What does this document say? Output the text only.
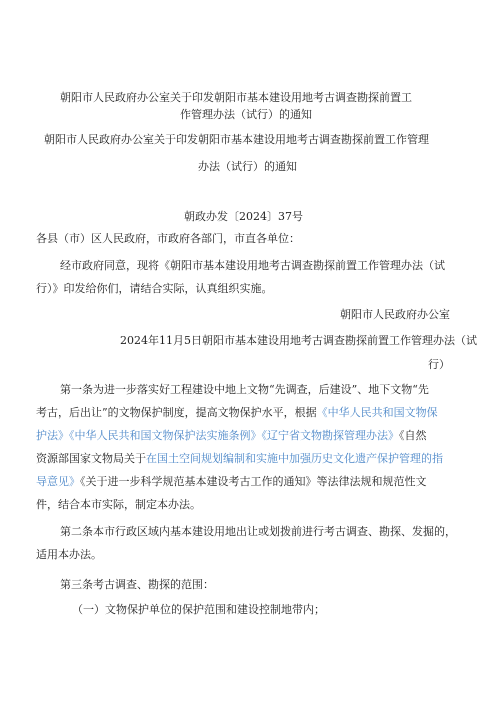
朝阳市人民政府办公室关于印发朝阳市基本建设用地考古调查勘探前置工
作管理办法（试行）的通知
朝阳市人民政府办公室关于印发朝阳市基本建设用地考古调查勘探前置工作管理
办法（试行）的通知
朝政办发〔2024〕37号
各县（市）区人民政府，市政府各部门，市直各单位：
经市政府同意，现将《朝阳市基本建设用地考古调查勘探前置工作管理办法（试
行）》印发给你们，请结合实际，认真组织实施。
朝阳市人民政府办公室
2024年11月5日朝阳市基本建设用地考古调查勘探前置工作管理办法（试
行）
第一条为进一步落实好工程建设中地上文物“先调查，后建设”、地下文物“先
考古，后出让”的文物保护制度，提高文物保护水平，根据《中华人民共和国文物保
护法》《中华人民共和国文物保护法实施条例》《辽宁省文物勘探管理办法》《自然
资源部国家文物局关于在国土空间规划编制和实施中加强历史文化遗产保护管理的指
导意见》《关于进一步科学规范基本建设考古工作的通知》等法律法规和规范性文
件，结合本市实际，制定本办法。
第二条本市行政区域内基本建设用地出让或划拨前进行考古调查、勘探、发掘的，
适用本办法。
第三条考古调查、勘探的范围：
（一）文物保护单位的保护范围和建设控制地带内；
